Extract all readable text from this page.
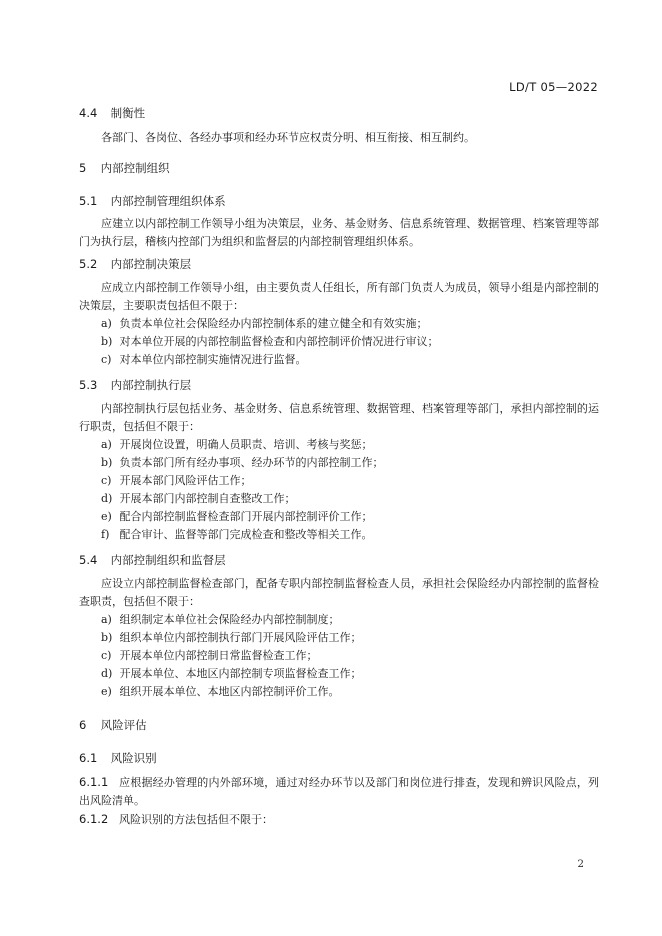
LD/T 05—2022
4.4 制衡性

各部门、各岗位、各经办事项和经办环节应权责分明、相互衔接、相互制约。

5 内部控制组织
5.1 内部控制管理组织体系

应建立以内部控制工作领导小组为决策层，业务、基金财务、信息系统管理、数据管理、档案管理等部门为执行层，稽核内控部门为组织和监督层的内部控制管理组织体系。

5.2 内部控制决策层

应成立内部控制工作领导小组，由主要负责人任组长，所有部门负责人为成员，领导小组是内部控制的决策层，主要职责包括但不限于：

a) 负责本单位社会保险经办内部控制体系的建立健全和有效实施；
b) 对本单位开展的内部控制监督检查和内部控制评价情况进行审议；
c) 对本单位内部控制实施情况进行监督。
5.3 内部控制执行层

内部控制执行层包括业务、基金财务、信息系统管理、数据管理、档案管理等部门，承担内部控制的运行职责，包括但不限于：

a) 开展岗位设置，明确人员职责、培训、考核与奖惩；
b) 负责本部门所有经办事项、经办环节的内部控制工作；
c) 开展本部门风险评估工作；
d) 开展本部门内部控制自查整改工作；
e) 配合内部控制监督检查部门开展内部控制评价工作；
f) 配合审计、监督等部门完成检查和整改等相关工作。
5.4 内部控制组织和监督层

应设立内部控制监督检查部门，配备专职内部控制监督检查人员，承担社会保险经办内部控制的监督检查职责，包括但不限于：

a) 组织制定本单位社会保险经办内部控制制度；
b) 组织本单位内部控制执行部门开展风险评估工作；
c) 开展本单位内部控制日常监督检查工作；
d) 开展本单位、本地区内部控制专项监督检查工作；
e) 组织开展本单位、本地区内部控制评价工作。
6 风险评估
6.1 风险识别

6.1.1 应根据经办管理的内外部环境，通过对经办环节以及部门和岗位进行排查，发现和辨识风险点，列出风险清单。

6.1.2 风险识别的方法包括但不限于：

2
